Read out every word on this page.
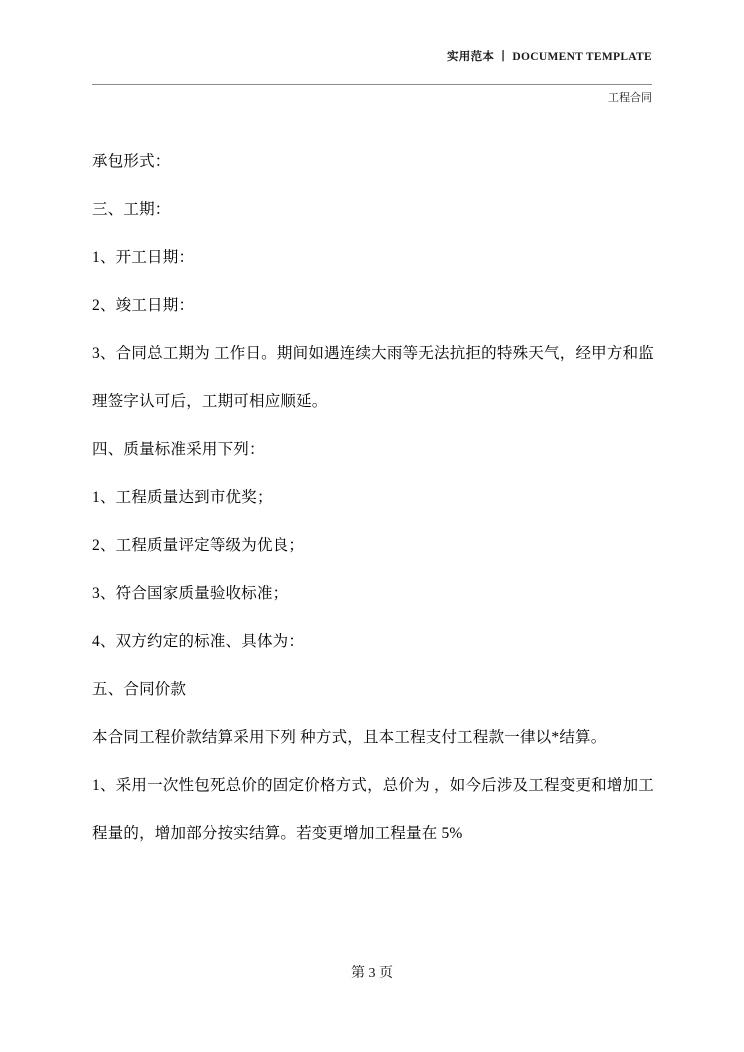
实用范本 丨 DOCUMENT TEMPLATE
工程合同

承包形式：

三、工期：

1、开工日期：

2、竣工日期：

3、合同总工期为 工作日。期间如遇连续大雨等无法抗拒的特殊天气，经甲方和监理签字认可后，工期可相应顺延。

四、质量标准采用下列：

1、工程质量达到市优奖；

2、工程质量评定等级为优良；

3、符合国家质量验收标准；

4、双方约定的标准、具体为：

五、合同价款

本合同工程价款结算采用下列 种方式，且本工程支付工程款一律以*结算。

1、采用一次性包死总价的固定价格方式，总价为 ，如今后涉及工程变更和增加工程量的，增加部分按实结算。若变更增加工程量在 5%

第 3 页
